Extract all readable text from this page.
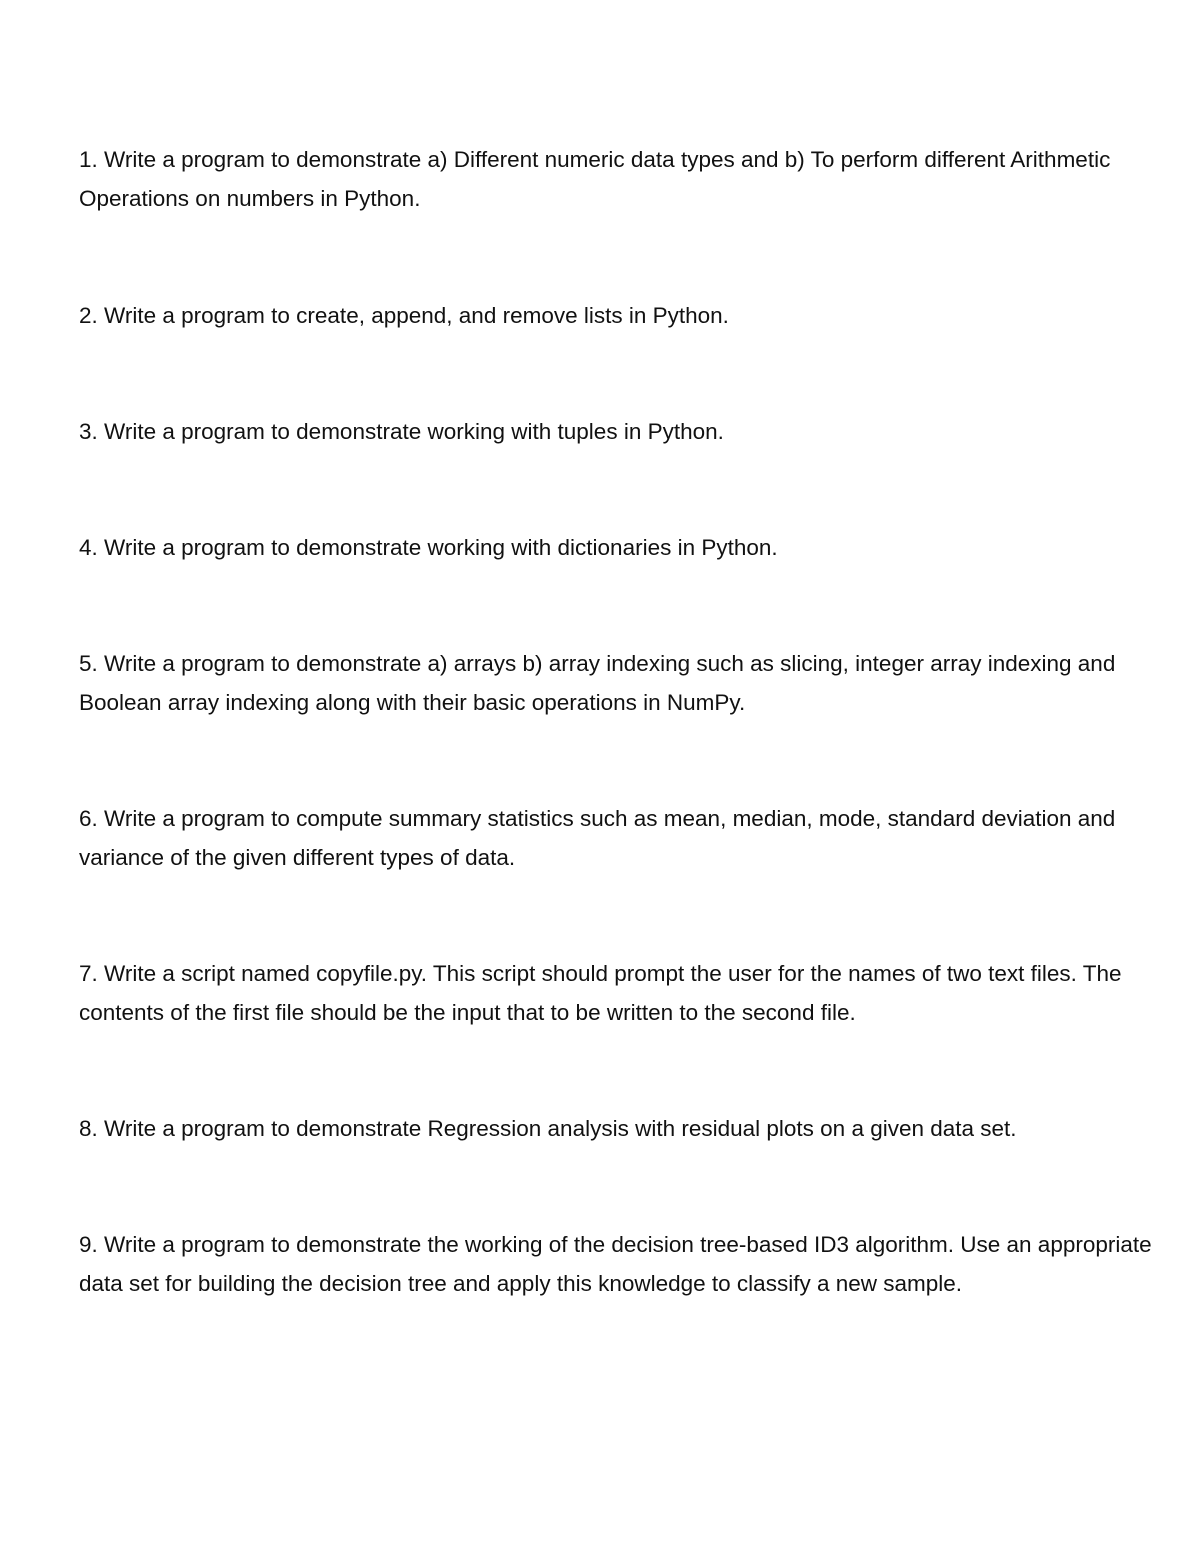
1. Write a program to demonstrate a) Different numeric data types and b) To perform different Arithmetic Operations on numbers in Python.

2. Write a program to create, append, and remove lists in Python.

3. Write a program to demonstrate working with tuples in Python.

4. Write a program to demonstrate working with dictionaries in Python.

5. Write a program to demonstrate a) arrays b) array indexing such as slicing, integer array indexing and Boolean array indexing along with their basic operations in NumPy.

6. Write a program to compute summary statistics such as mean, median, mode, standard deviation and variance of the given different types of data.

7. Write a script named copyfile.py. This script should prompt the user for the names of two text files. The contents of the first file should be the input that to be written to the second file.

8. Write a program to demonstrate Regression analysis with residual plots on a given data set.

9. Write a program to demonstrate the working of the decision tree-based ID3 algorithm. Use an appropriate data set for building the decision tree and apply this knowledge to classify a new sample.
